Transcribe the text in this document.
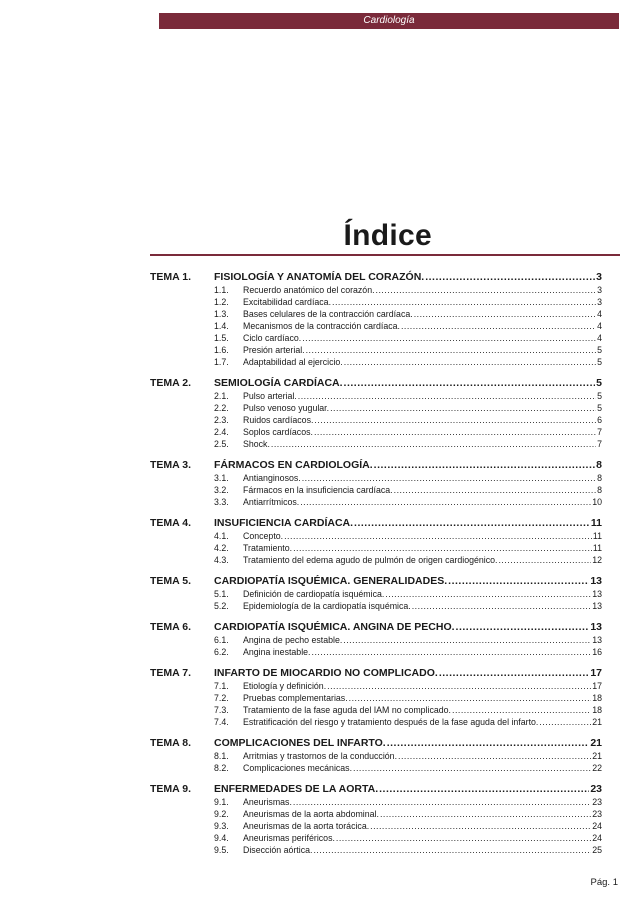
Cardiología
Índice
TEMA 1.	FISIOLOGÍA Y ANATOMÍA DEL CORAZÓN. .....	3
1.1.	Recuerdo anatómico del corazón. .....	3
1.2.	Excitabilidad cardíaca. .....	3
1.3.	Bases celulares de la contracción cardíaca. .....	4
1.4.	Mecanismos de la contracción cardíaca. .....	4
1.5.	Ciclo cardíaco. .....	4
1.6.	Presión arterial. .....	5
1.7.	Adaptabilidad al ejercicio. .....	5
TEMA 2.	SEMIOLOGÍA CARDÍACA. .....	5
2.1.	Pulso arterial. .....	5
2.2.	Pulso venoso yugular. .....	5
2.3.	Ruidos cardíacos. .....	6
2.4.	Soplos cardíacos. .....	7
2.5.	Shock. .....	7
TEMA 3.	FÁRMACOS EN CARDIOLOGÍA. .....	8
3.1.	Antianginosos. .....	8
3.2.	Fármacos en la insuficiencia cardíaca. .....	8
3.3.	Antiarrítmicos. .....	10
TEMA 4.	INSUFICIENCIA CARDÍACA. .....	11
4.1.	Concepto. .....	11
4.2.	Tratamiento. .....	11
4.3.	Tratamiento del edema agudo de pulmón de origen cardiogénico. .....	12
TEMA 5.	CARDIOPATÍA ISQUÉMICA. GENERALIDADES. .....	13
5.1.	Definición de cardiopatía isquémica. .....	13
5.2.	Epidemiología de la cardiopatía isquémica. .....	13
TEMA 6.	CARDIOPATÍA ISQUÉMICA. ANGINA DE PECHO. .....	13
6.1.	Angina de pecho estable. .....	13
6.2.	Angina inestable. .....	16
TEMA 7.	INFARTO DE MIOCARDIO NO COMPLICADO. .....	17
7.1.	Etiología y definición. .....	17
7.2.	Pruebas complementarias. .....	18
7.3.	Tratamiento de la fase aguda del IAM no complicado. .....	18
7.4.	Estratificación del riesgo y tratamiento después de la fase aguda del infarto. .....	21
TEMA 8.	COMPLICACIONES DEL INFARTO. .....	21
8.1.	Arritmias y trastornos de la conducción. .....	21
8.2.	Complicaciones mecánicas. .....	22
TEMA 9.	ENFERMEDADES DE LA AORTA. .....	23
9.1.	Aneurismas. .....	23
9.2.	Aneurismas de la aorta abdominal. .....	23
9.3.	Aneurismas de la aorta torácica. .....	24
9.4.	Aneurismas periféricos. .....	24
9.5.	Disección aórtica. .....	25
Pág. 1
